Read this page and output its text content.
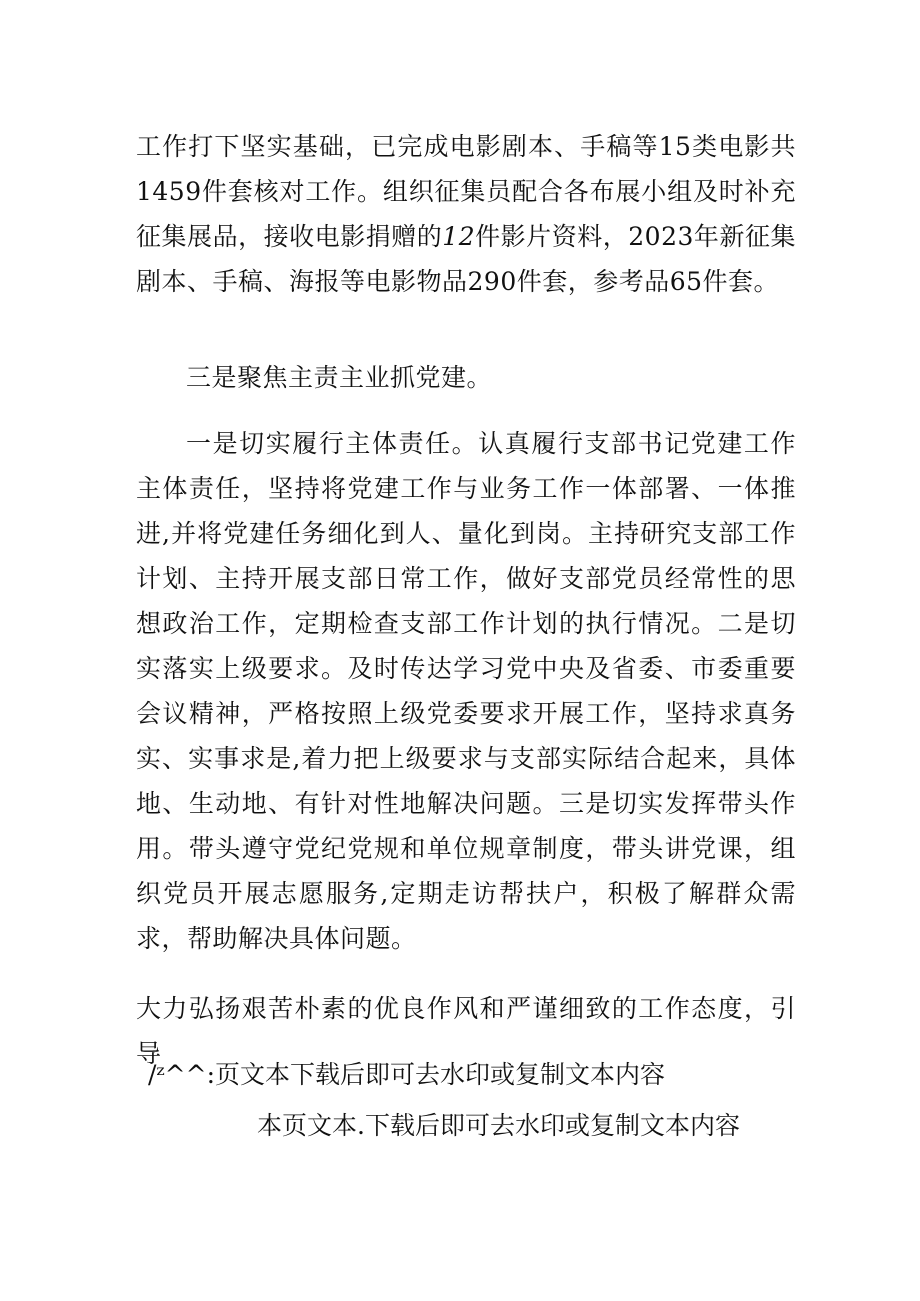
工作打下坚实基础，已完成电影剧本、手稿等15类电影共1459件套核对工作。组织征集员配合各布展小组及时补充征集展品，接收电影捐赠的12件影片资料，2023年新征集剧本、手稿、海报等电影物品290件套，参考品65件套。

三是聚焦主责主业抓党建。

一是切实履行主体责任。认真履行支部书记党建工作主体责任，坚持将党建工作与业务工作一体部署、一体推进,并将党建任务细化到人、量化到岗。主持研究支部工作计划、主持开展支部日常工作，做好支部党员经常性的思想政治工作，定期检查支部工作计划的执行情况。二是切实落实上级要求。及时传达学习党中央及省委、市委重要会议精神，严格按照上级党委要求开展工作，坚持求真务实、实事求是,着力把上级要求与支部实际结合起来，具体地、生动地、有针对性地解决问题。三是切实发挥带头作用。带头遵守党纪党规和单位规章制度，带头讲党课，组织党员开展志愿服务,定期走访帮扶户，积极了解群众需求，帮助解决具体问题。

大力弘扬艰苦朴素的优良作风和严谨细致的工作态度，引导

/ᶻ^^:页文本下载后即可去水印或复制文本内容

本页文本.下载后即可去水印或复制文本内容
